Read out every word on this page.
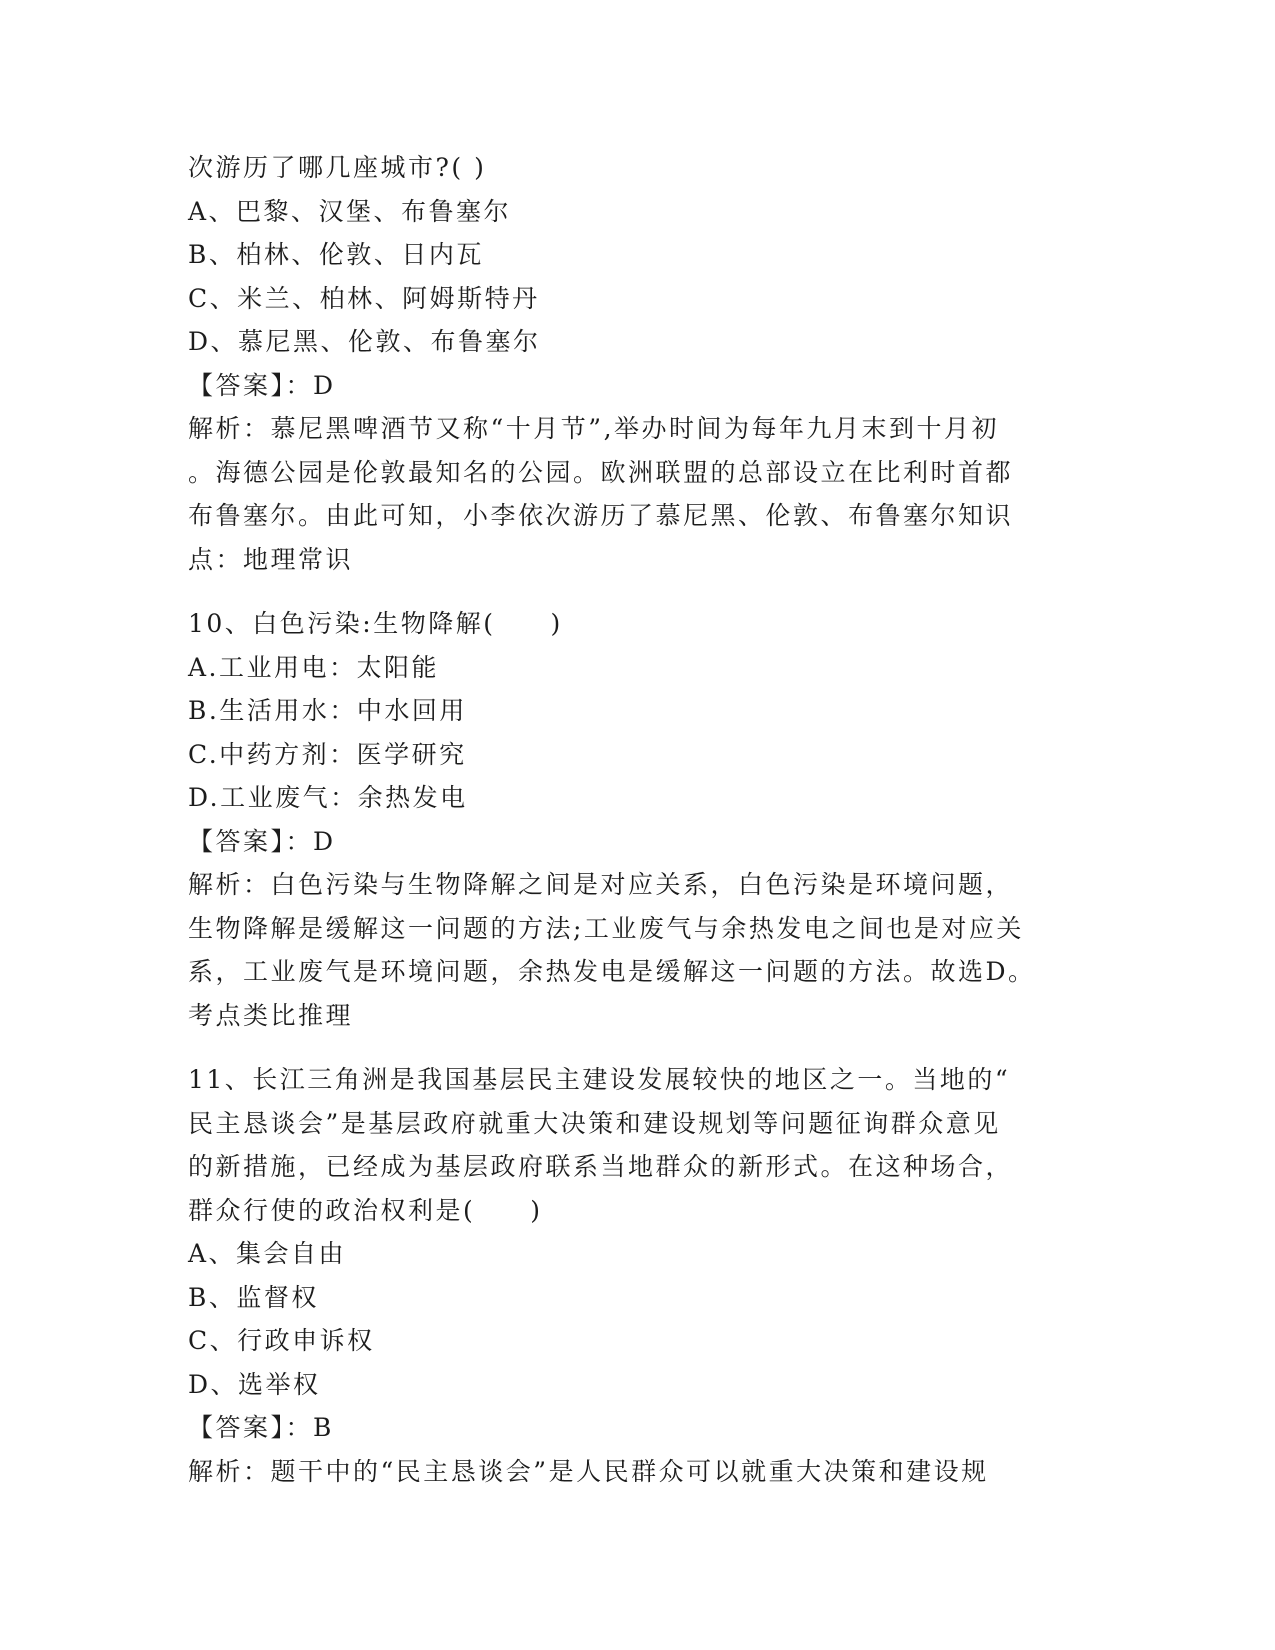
次游历了哪几座城市?( )
A、巴黎、汉堡、布鲁塞尔
B、柏林、伦敦、日内瓦
C、米兰、柏林、阿姆斯特丹
D、慕尼黑、伦敦、布鲁塞尔
【答案】：D
解析：慕尼黑啤酒节又称“十月节”,举办时间为每年九月末到十月初
。海德公园是伦敦最知名的公园。欧洲联盟的总部设立在比利时首都
布鲁塞尔。由此可知，小李依次游历了慕尼黑、伦敦、布鲁塞尔知识
点：地理常识
10、白色污染:生物降解(　　)
A.工业用电：太阳能
B.生活用水：中水回用
C.中药方剂：医学研究
D.工业废气：余热发电
【答案】：D
解析：白色污染与生物降解之间是对应关系，白色污染是环境问题，
生物降解是缓解这一问题的方法;工业废气与余热发电之间也是对应关
系，工业废气是环境问题，余热发电是缓解这一问题的方法。故选D。
考点类比推理
11、长江三角洲是我国基层民主建设发展较快的地区之一。当地的“
民主恳谈会”是基层政府就重大决策和建设规划等问题征询群众意见
的新措施，已经成为基层政府联系当地群众的新形式。在这种场合，
群众行使的政治权利是(　　)
A、集会自由
B、监督权
C、行政申诉权
D、选举权
【答案】：B
解析：题干中的“民主恳谈会”是人民群众可以就重大决策和建设规
